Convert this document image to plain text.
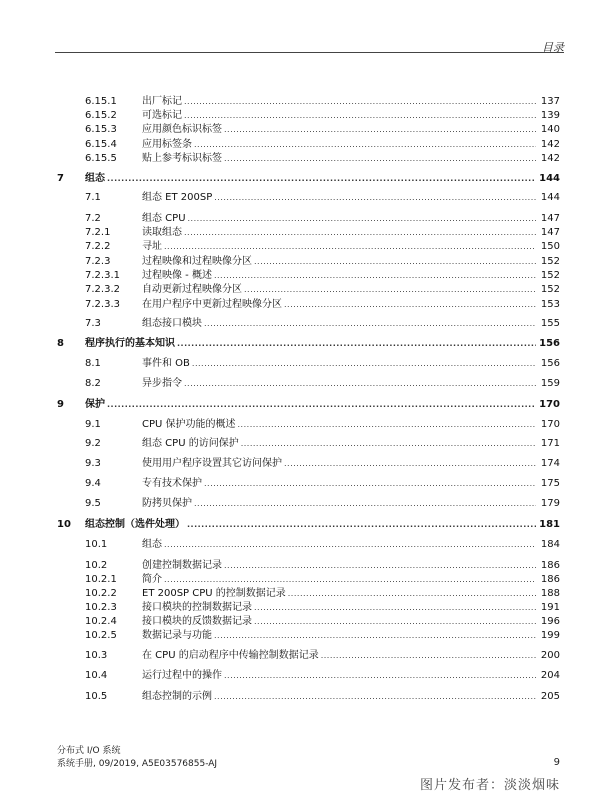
目录
6.15.1	出厂标记 .....	137
6.15.2	可选标记 .....	139
6.15.3	应用颜色标识标签 .....	140
6.15.4	应用标签条 .....	142
6.15.5	贴上参考标识标签 .....	142
7 组态 .....	144
7.1	组态 ET 200SP .....	144
7.2	组态 CPU .....	147
7.2.1	读取组态 .....	147
7.2.2	寻址 .....	150
7.2.3	过程映像和过程映像分区 .....	152
7.2.3.1 过程映像 - 概述 .....	152
7.2.3.2 自动更新过程映像分区 .....	152
7.2.3.3 在用户程序中更新过程映像分区 .....	153
7.3	组态接口模块 .....	155
8 程序执行的基本知识 .....	156
8.1	事件和 OB .....	156
8.2	异步指令 .....	159
9 保护 .....	170
9.1	CPU 保护功能的概述 .....	170
9.2	组态 CPU 的访问保护 .....	171
9.3	使用用户程序设置其它访问保护 .....	174
9.4	专有技术保护 .....	175
9.5	防拷贝保护 .....	179
10 组态控制（选件处理） .....	181
10.1	组态 .....	184
10.2	创建控制数据记录 .....	186
10.2.1	简介 .....	186
10.2.2	ET 200SP CPU 的控制数据记录 .....	188
10.2.3	接口模块的控制数据记录 .....	191
10.2.4	接口模块的反馈数据记录 .....	196
10.2.5	数据记录与功能 .....	199
10.3	在 CPU 的启动程序中传输控制数据记录 .....	200
10.4	运行过程中的操作 .....	204
10.5	组态控制的示例 .....	205
分布式 I/O 系统
系统手册, 09/2019, A5E03576855-AJ	9
图片发布者：淡淡烟味
